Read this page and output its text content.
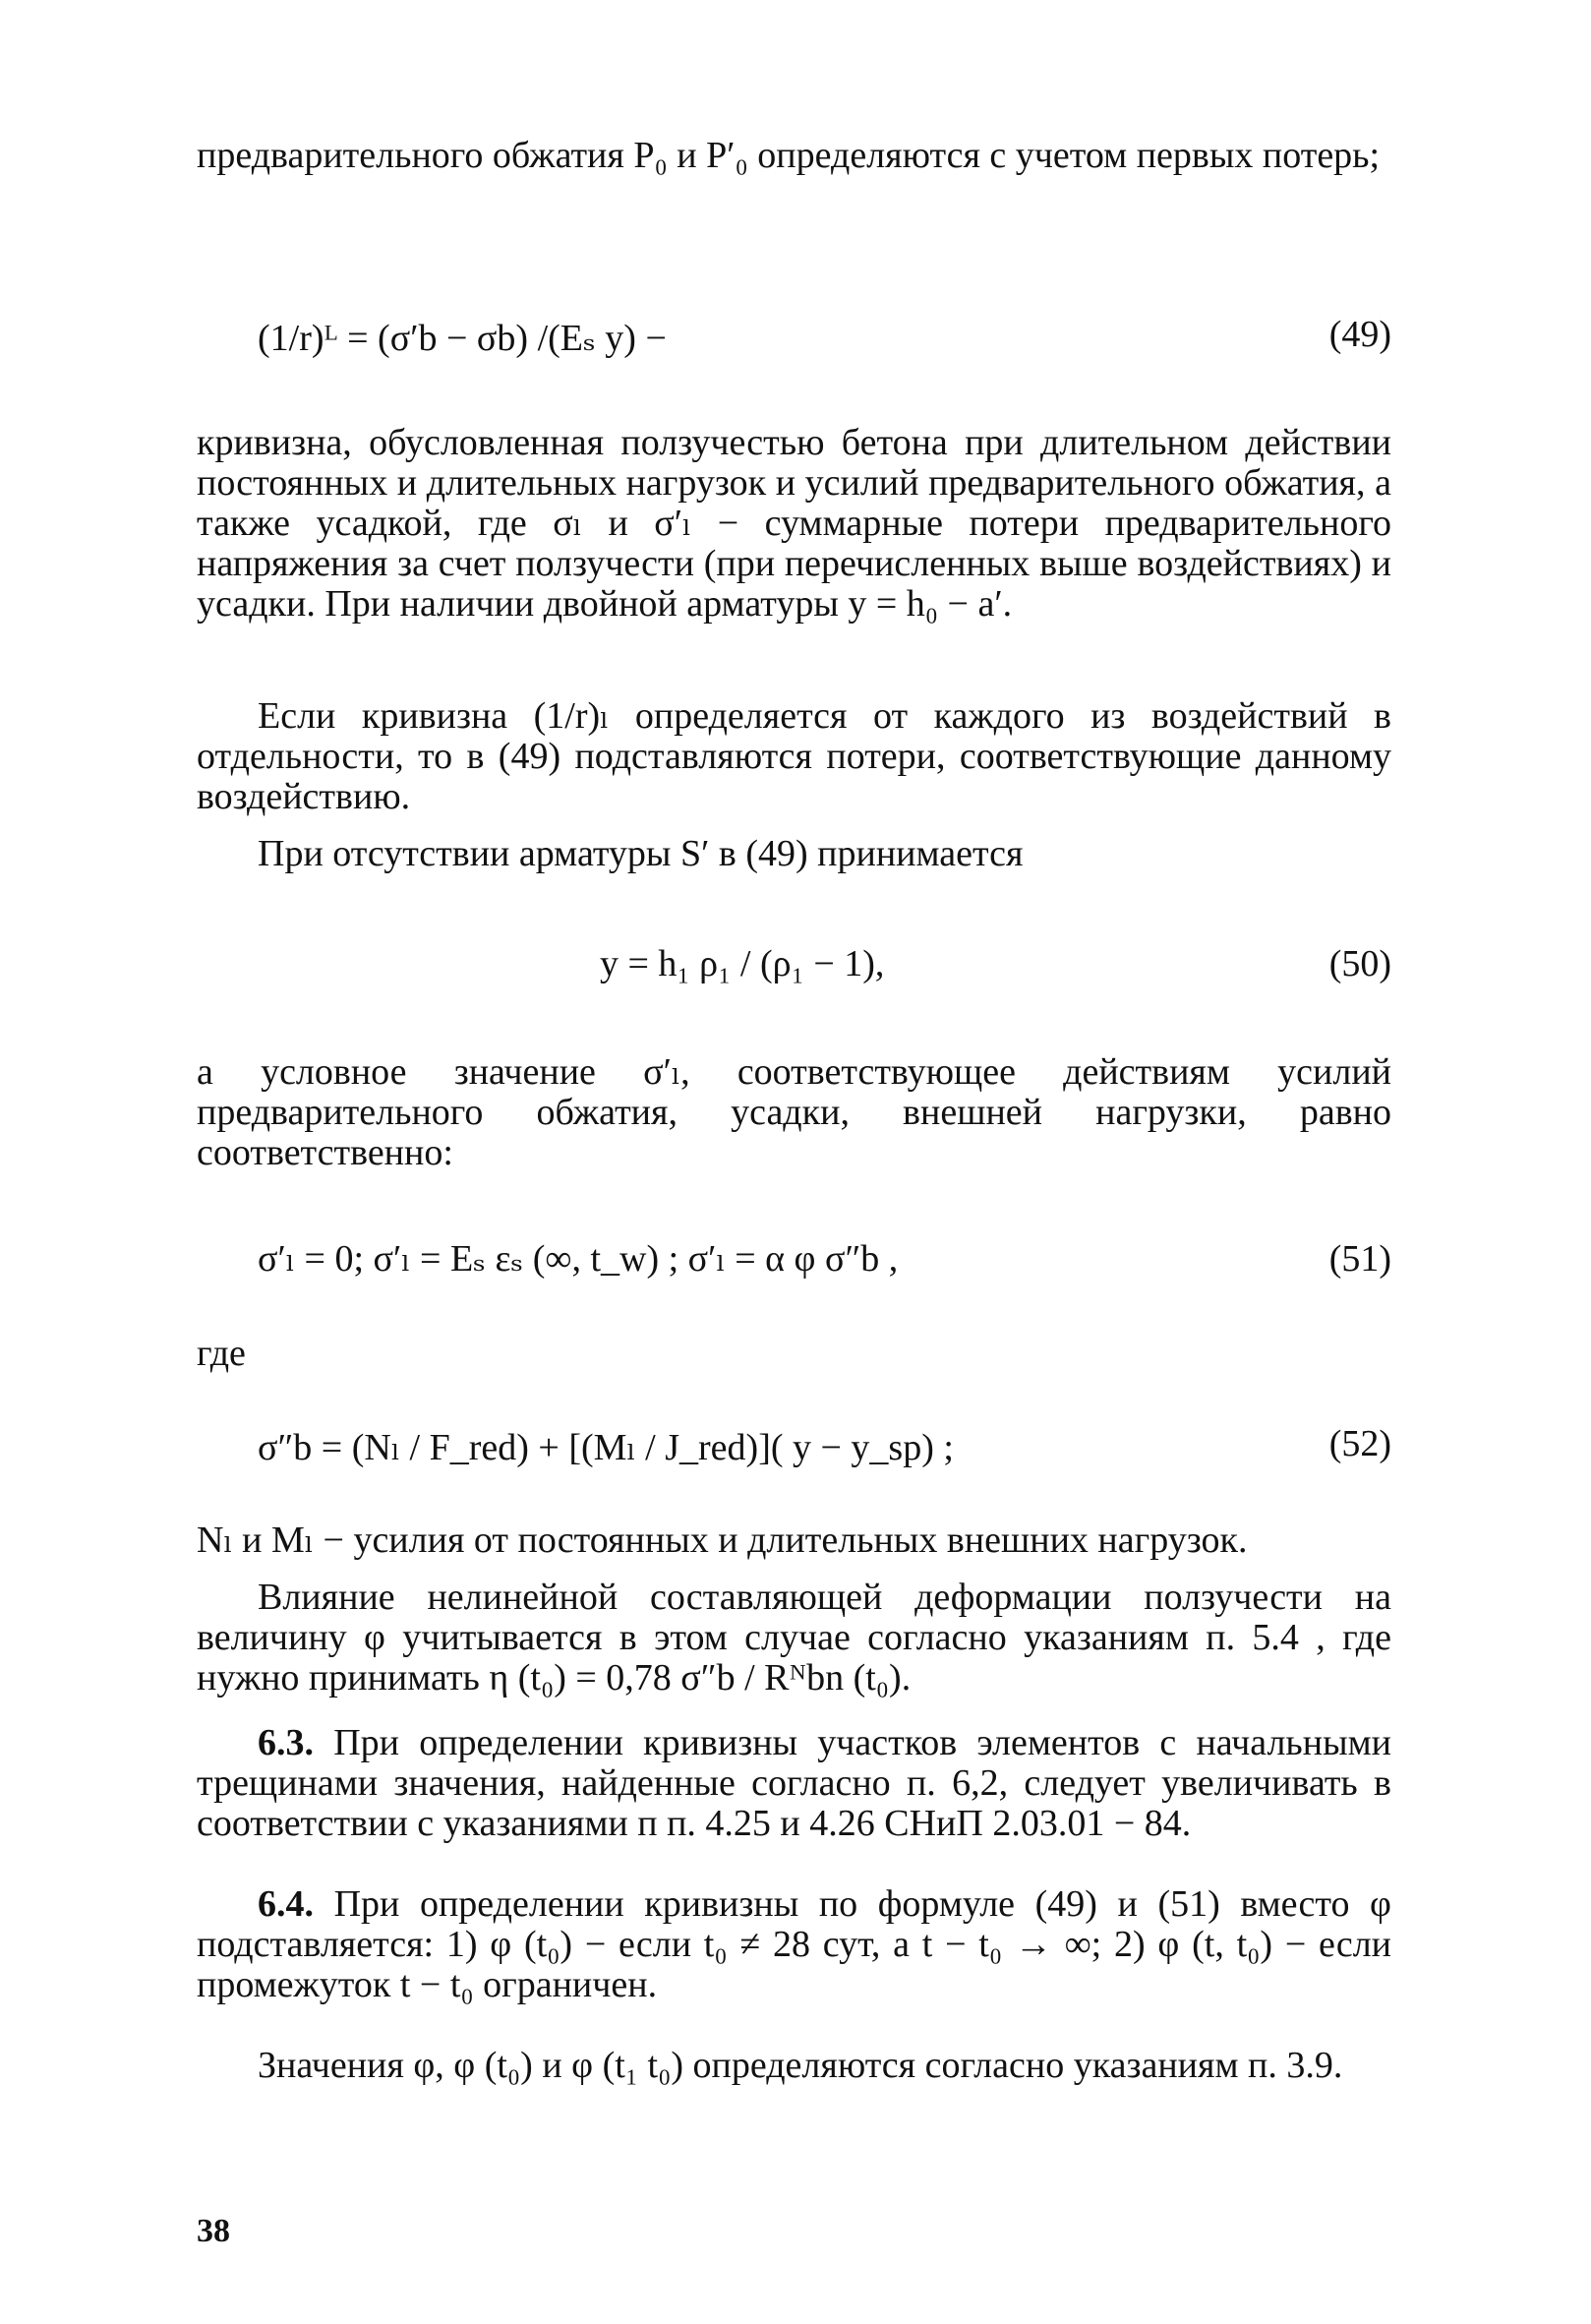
предварительного обжатия P₀ и P′₀ определяются с учетом первых потерь;

(1/r)ᴸ = (σ′b − σb) /(Eₛ y) −	(49)

кривизна, обусловленная ползучестью бетона при длительном действии постоянных и длительных нагрузок и усилий предварительного обжатия, а также усадкой, где σₗ и σ′ₗ − суммарные потери предварительного напряжения за счет ползучести (при перечисленных выше воздействиях) и усадки. При наличии двойной арматуры y = h₀ − a′.

Если кривизна (1/r)ₗ определяется от каждого из воздействий в отдельности, то в (49) подставляются потери, соответствующие данному воздействию.

При отсутствии арматуры S′ в (49) принимается

y = h₁ ρ₁ / (ρ₁ − 1),	(50)

а условное значение σ′ₗ, соответствующее действиям усилий предварительного обжатия, усадки, внешней нагрузки, равно соответственно:

σ′ₗ = 0; σ′ₗ = Eₛ εₛ (∞, t_w) ; σ′ₗ = α φ σ″b ,	(51)
где
σ″b = (Nₗ / F_red) + [(Mₗ / J_red)]( y − y_sp) ;	(52)

Nₗ и Mₗ − усилия от постоянных и длительных внешних нагрузок.

Влияние нелинейной составляющей деформации ползучести на величину φ учитывается в этом случае согласно указаниям п. 5.4 , где нужно принимать η (t₀) = 0,78 σ″b / Rᴺbn (t₀).

6.3. При определении кривизны участков элементов с начальными трещинами значения, найденные согласно п. 6,2, следует увеличивать в соответствии с указаниями п п. 4.25 и 4.26 СНиП 2.03.01 − 84.

6.4. При определении кривизны по формуле (49) и (51) вместо φ подставляется: 1) φ (t₀) − если t₀ ≠ 28 сут, а t − t₀ → ∞; 2) φ (t, t₀) − если промежуток t − t₀ ограничен.

Значения φ, φ (t₀) и φ (t₁ t₀) определяются согласно указаниям п. 3.9.

38
